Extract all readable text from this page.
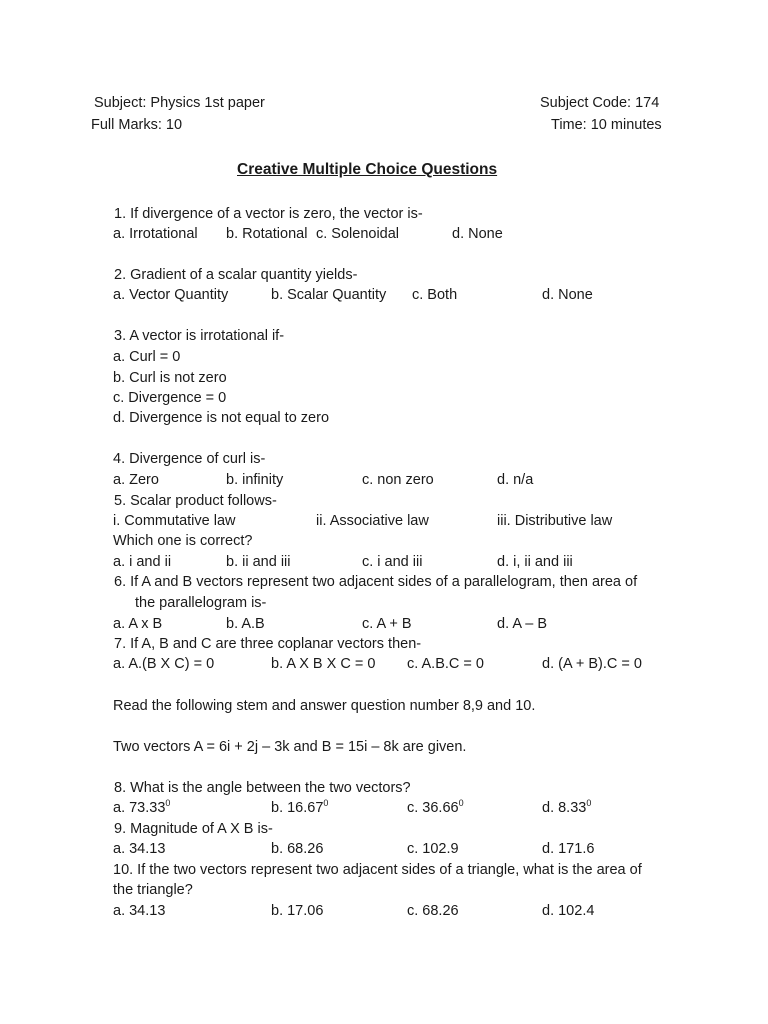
Subject: Physics 1st paper	Subject Code: 174
Full Marks: 10	Time: 10 minutes
Creative Multiple Choice Questions
1. If divergence of a vector is zero, the vector is-
a. Irrotational b. Rotational c. Solenoidal	d. None
2. Gradient of a scalar quantity yields-
a. Vector Quantity	b. Scalar Quantity c. Both	d. None
3. A vector is irrotational if-
a. Curl = 0
b. Curl is not zero
c. Divergence = 0
d. Divergence is not equal to zero
4. Divergence of curl is-
a. Zero	b. infinity	c. non zero	d. n/a
5. Scalar product follows-
i. Commutative law	ii. Associative law	iii. Distributive law
Which one is correct?
a. i and ii	b. ii and iii	c. i and iii	d. i, ii and iii
6. If A and B vectors represent two adjacent sides of a parallelogram, then area of
the parallelogram is-
a. A x B	b. A.B	c. A + B	d. A – B
7. If A, B and C are three coplanar vectors then-
a. A.(B X C) = 0	b. A X B X C = 0 c. A.B.C = 0	d. (A + B).C = 0
Read the following stem and answer question number 8,9 and 10.
Two vectors A = 6i + 2j – 3k and B = 15i – 8k are given.
8. What is the angle between the two vectors?
a. 73.33$^0$	b. 16.67$^0$	c. 36.66$^0$	d. 8.33$^0$
9. Magnitude of A X B is-
a. 34.13	b. 68.26	c. 102.9	d. 171.6
10. If the two vectors represent two adjacent sides of a triangle, what is the area of
the triangle?
a. 34.13	b. 17.06	c. 68.26	d. 102.4
